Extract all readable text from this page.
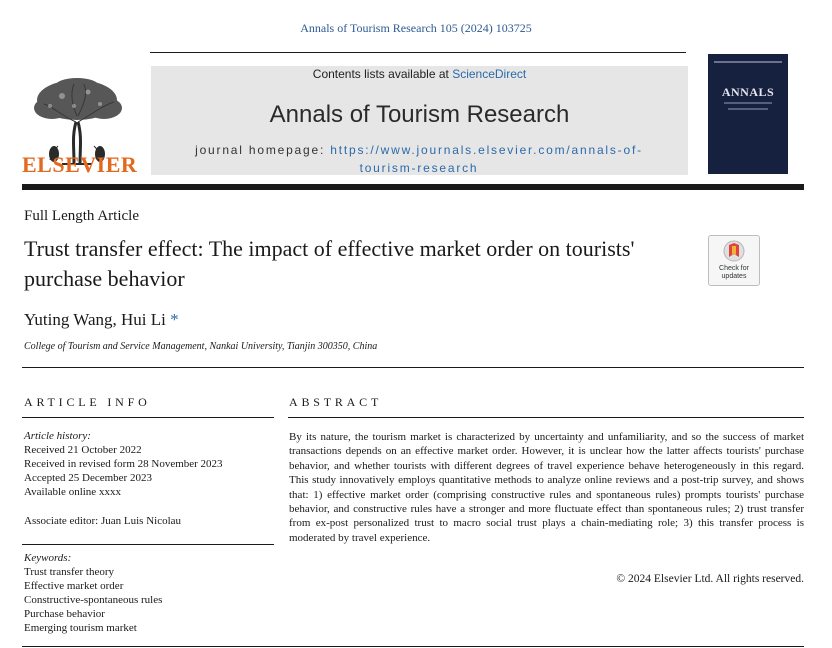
Annals of Tourism Research 105 (2024) 103725
ELSEVIER
Contents lists available at ScienceDirect
Annals of Tourism Research
journal homepage: https://www.journals.elsevier.com/annals-of-tourism-research
ANNALS
Full Length Article
Trust transfer effect: The impact of effective market order on tourists' purchase behavior	Check for updates
Yuting Wang, Hui Li *
College of Tourism and Service Management, Nankai University, Tianjin 300350, China
ARTICLE INFO
Article history:
Received 21 October 2022
Received in revised form 28 November 2023
Accepted 25 December 2023
Available online xxxx
Associate editor: Juan Luis Nicolau
Keywords:
Trust transfer theory
Effective market order
Constructive-spontaneous rules
Purchase behavior
Emerging tourism market
ABSTRACT
By its nature, the tourism market is characterized by uncertainty and unfamiliarity, and so the success of market transactions depends on an effective market order. However, it is unclear how the latter affects tourists' purchase behavior, and whether tourists with different degrees of travel experience behave heterogeneously in this regard. This study innovatively employs quantitative methods to analyze online reviews and a post-trip survey, and shows that: 1) effective market order (comprising constructive rules and spontaneous rules) prompts tourists' purchase behavior, and constructive rules have a stronger and more fluctuate effect than spontaneous rules; 2) trust transfer from ex-post personalized trust to macro social trust plays a chain-mediating role; 3) this transfer process is moderated by travel experience.
© 2024 Elsevier Ltd. All rights reserved.
